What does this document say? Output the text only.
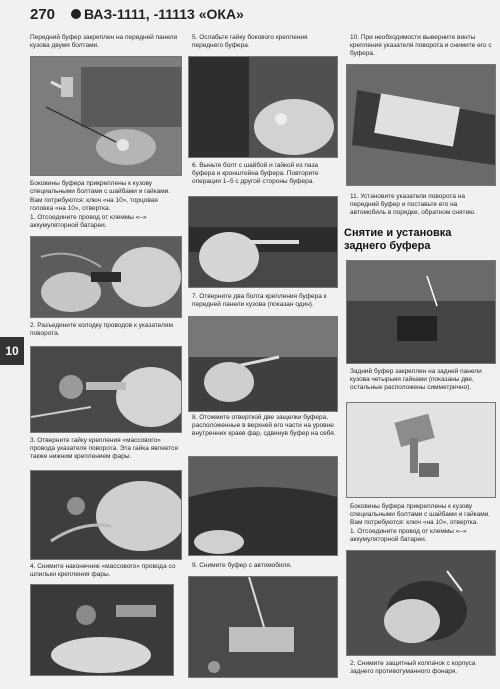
270 ВАЗ-1111, -11113 «ОКА»
10
Передний буфер закреплен на передней панели кузова двумя болтами.
Боковины буфера прикреплены к кузову специальными болтами с шайбами и гайками.
Вам потребуются: ключ «на 10», торцовая головка «на 10», отвертка.
1. Отсоедините провод от клеммы «–» аккумуляторной батареи.
2. Разъедините колодку проводов к указателям поворота.
3. Отверните гайку крепления «массового» провода указателя поворота. Эта гайка является также нижним креплением фары.
4. Снимите наконечник «массового» провода со шпильки крепления фары.
5. Ослабьте гайку бокового крепления переднего буфера.
6. Выньте болт с шайбой и гайкой из паза буфера и кронштейна буфера. Повторите операции 1–5 с другой стороны буфера.
7. Отверните два болта крепления буфера к передней панели кузова (показан один).
8. Отожмите отверткой две защелки буфера, расположенные в верхней его части на уровне внутренних краев фар, сдвинув буфер на себя.
9. Снимите буфер с автомобиля.
10. При необходимости выверните винты крепления указателя поворота и снимите его с буфера.
11. Установите указатели поворота на передний буфер и поставьте его на автомобиль в порядке, обратном снятию.
Снятие и установка заднего буфера
Задний буфер закреплен на задней панели кузова четырьмя гайками (показаны две, остальные расположены симметрично).
Боковины буфера прикреплены к кузову специальными болтами с шайбами и гайками.
Вам потребуются: ключ «на 10», отвертка.
1. Отсоедините провод от клеммы «–» аккумуляторной батареи.
2. Снимите защитный колпачок с корпуса заднего противотуманного фонаря.
